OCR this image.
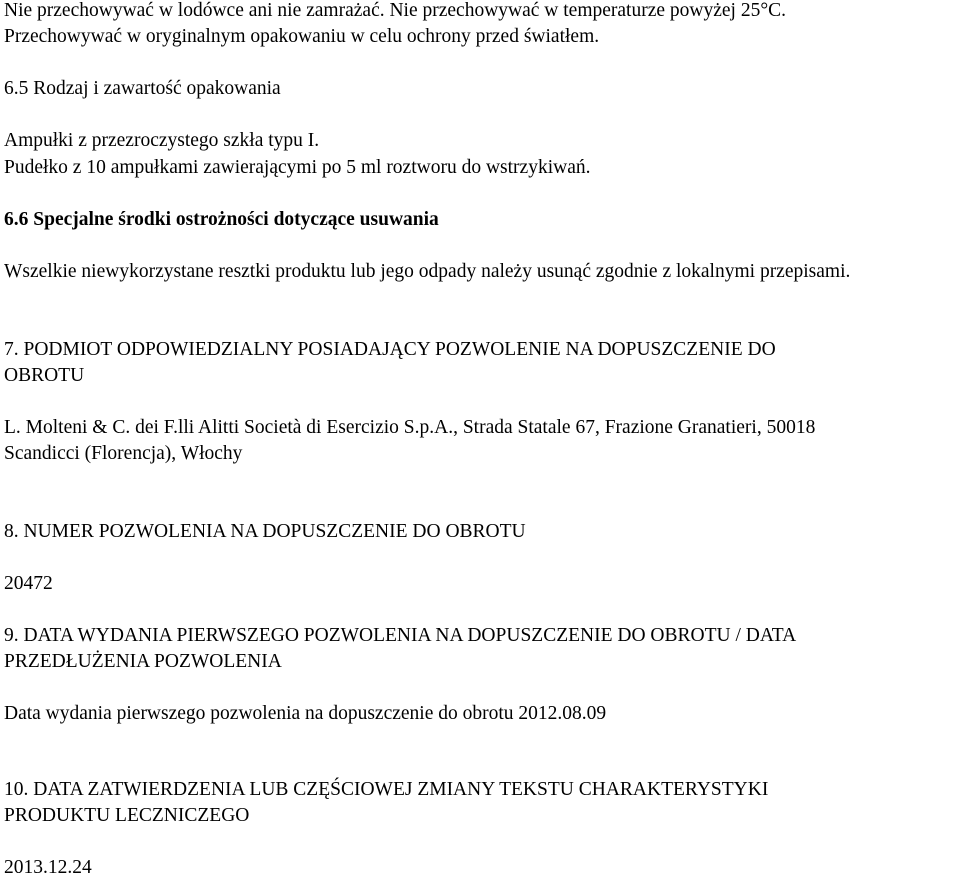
Nie przechowywać w lodówce ani nie zamrażać. Nie przechowywać w temperaturze powyżej 25°C.

Przechowywać w oryginalnym opakowaniu w celu ochrony przed światłem.

6.5 Rodzaj i zawartość opakowania

Ampułki z przezroczystego szkła typu I.

Pudełko z 10 ampułkami zawierającymi po 5 ml roztworu do wstrzykiwań.

6.6 Specjalne środki ostrożności dotyczące usuwania

Wszelkie niewykorzystane resztki produktu lub jego odpady należy usunąć zgodnie z lokalnymi przepisami.

7. PODMIOT ODPOWIEDZIALNY POSIADAJĄCY POZWOLENIE NA DOPUSZCZENIE DO

OBROTU

L. Molteni & C. dei F.lli Alitti Società di Esercizio S.p.A., Strada Statale 67, Frazione Granatieri, 50018

Scandicci (Florencja), Włochy

8. NUMER POZWOLENIA NA DOPUSZCZENIE DO OBROTU

20472

9. DATA WYDANIA PIERWSZEGO POZWOLENIA NA DOPUSZCZENIE DO OBROTU / DATA

PRZEDŁUŻENIA POZWOLENIA

Data wydania pierwszego pozwolenia na dopuszczenie do obrotu 2012.08.09

10. DATA ZATWIERDZENIA LUB CZĘŚCIOWEJ ZMIANY TEKSTU CHARAKTERYSTYKI

PRODUKTU LECZNICZEGO

2013.12.24
